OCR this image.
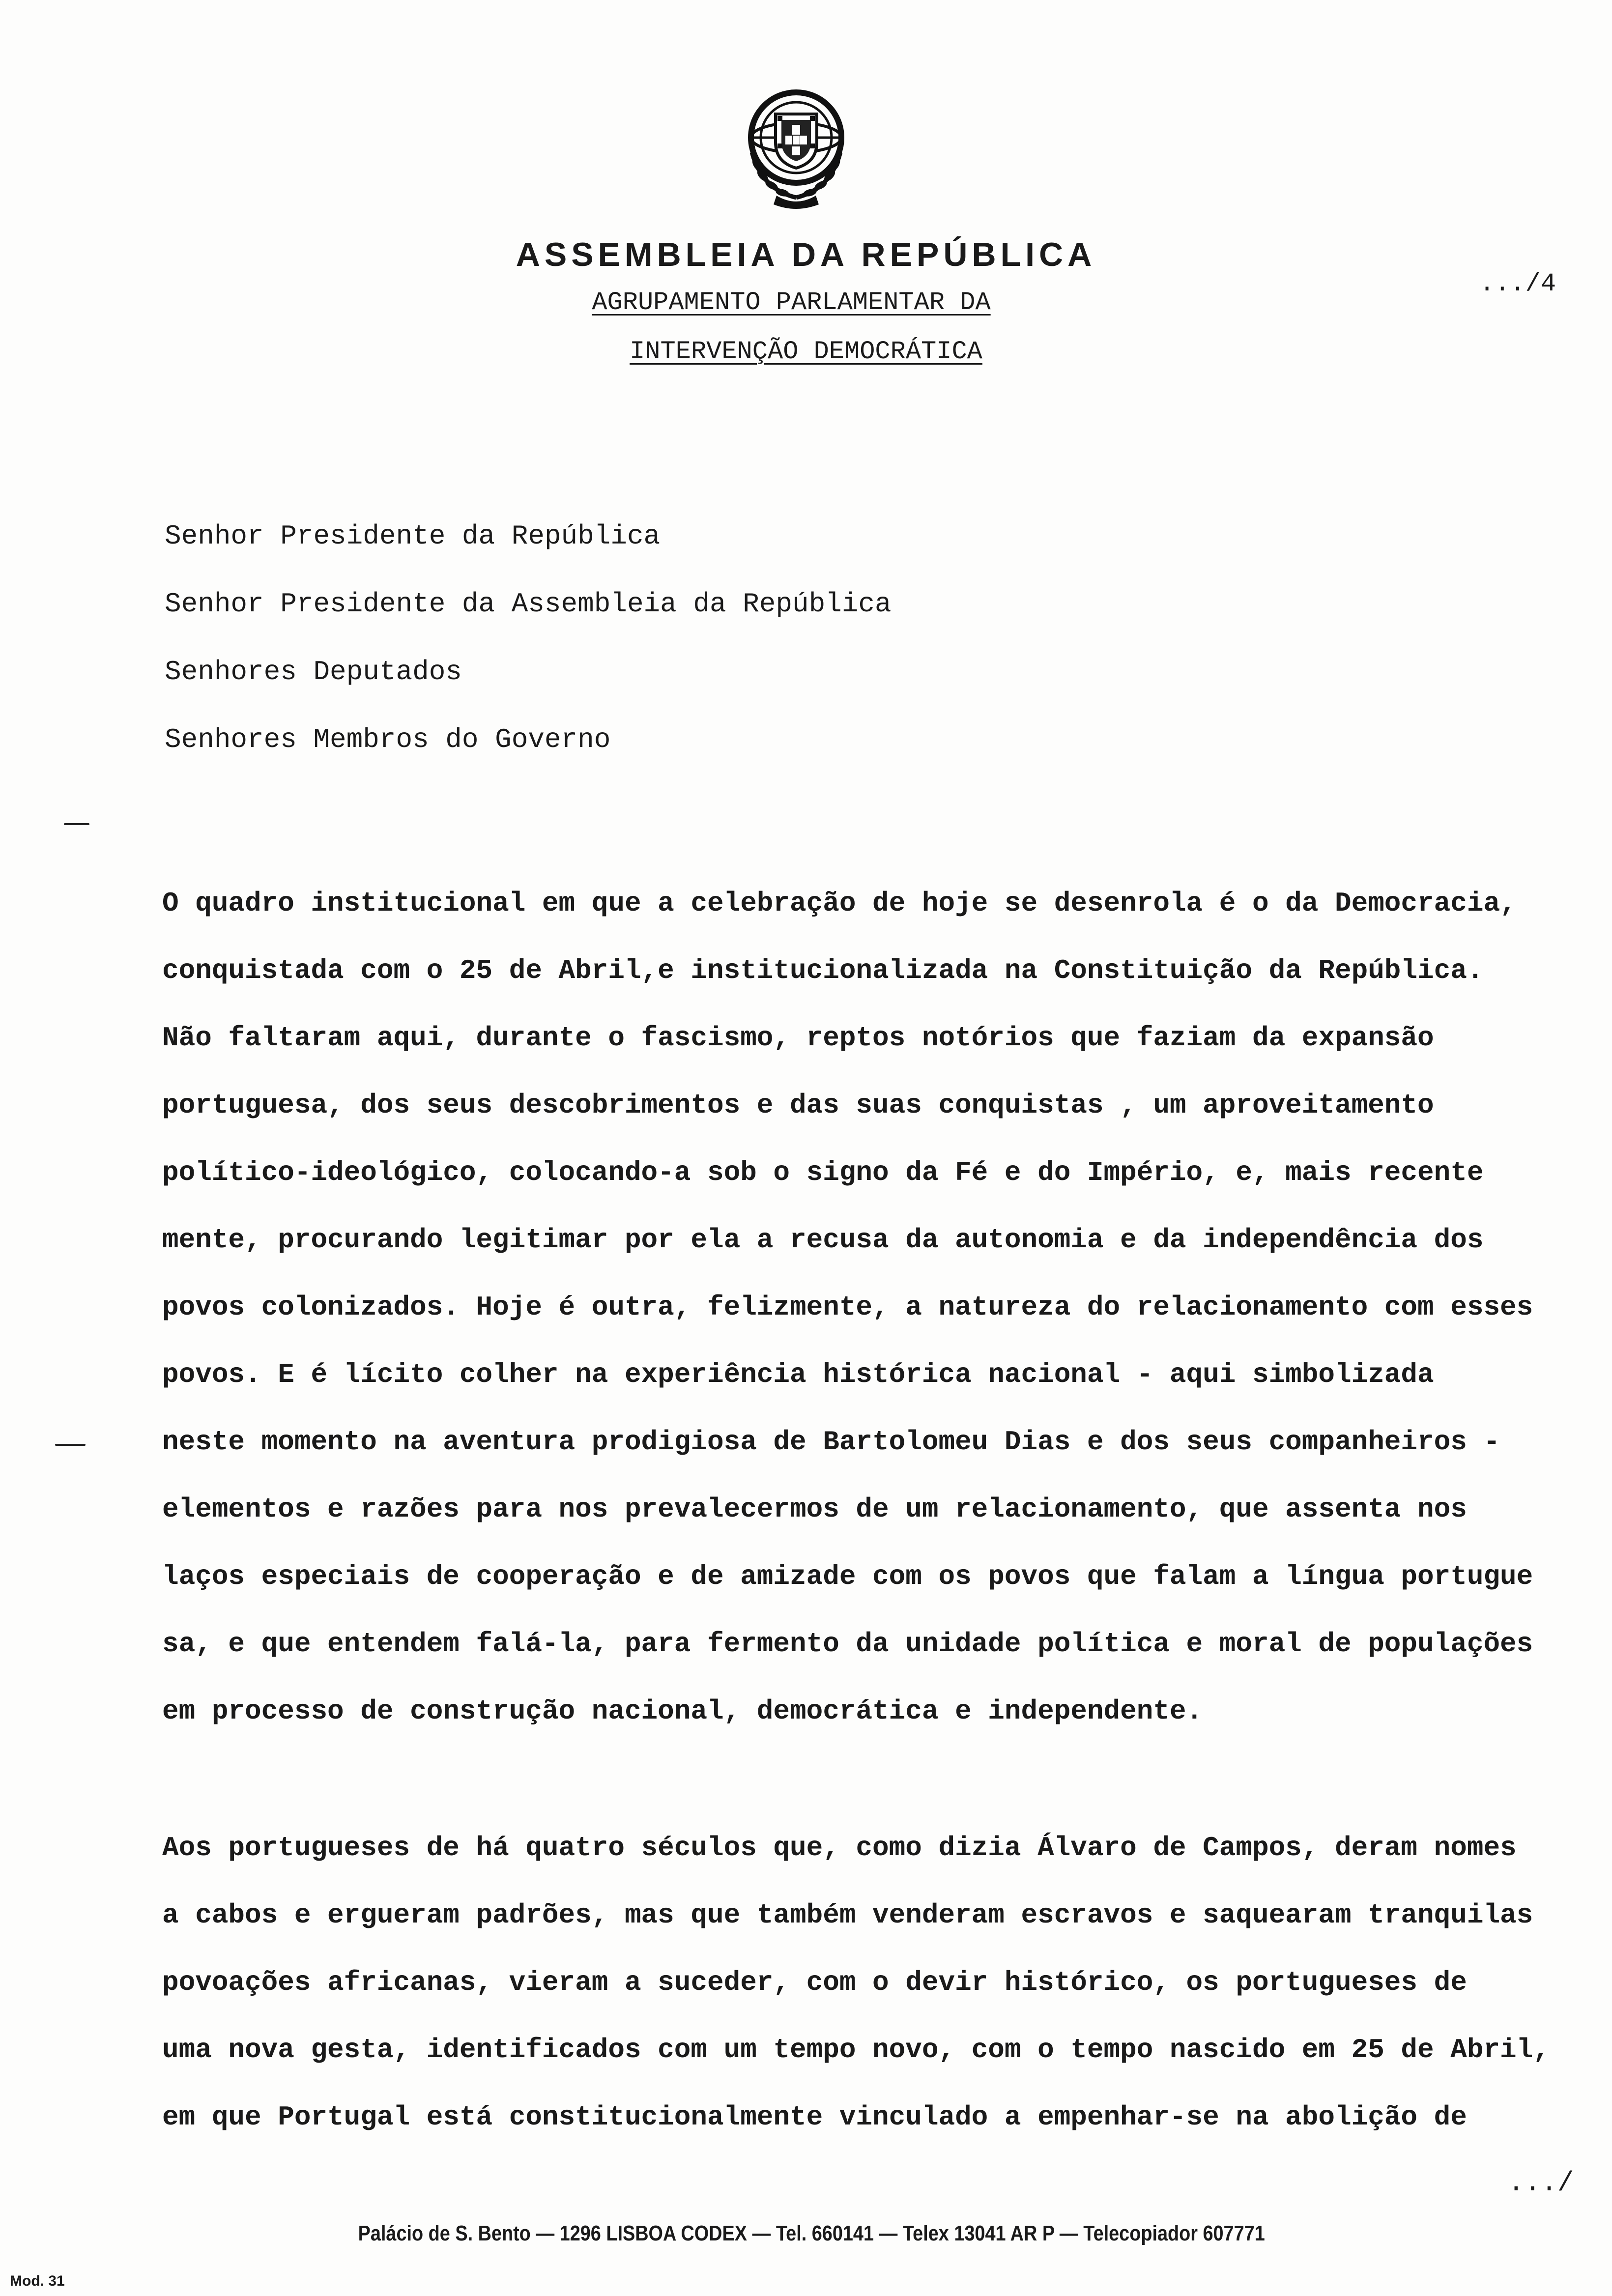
ASSEMBLEIA DA REPÚBLICA
AGRUPAMENTO PARLAMENTAR DA
INTERVENÇÃO DEMOCRÁTICA
.../4
Senhor Presidente da República
Senhor Presidente da Assembleia da República
Senhores Deputados
Senhores Membros do Governo
O quadro institucional em que a celebração de hoje se desenrola é o da Democracia,
conquistada com o 25 de Abril,e institucionalizada na Constituição da República.
Não faltaram aqui, durante o fascismo, reptos notórios que faziam da expansão
portuguesa, dos seus descobrimentos e das suas conquistas , um aproveitamento
político-ideológico, colocando-a sob o signo da Fé e do Império, e, mais recente
mente, procurando legitimar por ela a recusa da autonomia e da independência dos
povos colonizados. Hoje é outra, felizmente, a natureza do relacionamento com esses
povos. E é lícito colher na experiência histórica nacional - aqui simbolizada
neste momento na aventura prodigiosa de Bartolomeu Dias e dos seus companheiros -
elementos e razões para nos prevalecermos de um relacionamento, que assenta nos
laços especiais de cooperação e de amizade com os povos que falam a língua portugue
sa, e que entendem falá-la, para fermento da unidade política e moral de populações
em processo de construção nacional, democrática e independente.
Aos portugueses de há quatro séculos que, como dizia Álvaro de Campos, deram nomes
a cabos e ergueram padrões, mas que também venderam escravos e saquearam tranquilas
povoações africanas, vieram a suceder, com o devir histórico, os portugueses de
uma nova gesta, identificados com um tempo novo, com o tempo nascido em 25 de Abril,
em que Portugal está constitucionalmente vinculado a empenhar-se na abolição de
.../
Palácio de S. Bento — 1296 LISBOA CODEX — Tel. 660141 — Telex 13041 AR P — Telecopiador 607771
Mod. 31
